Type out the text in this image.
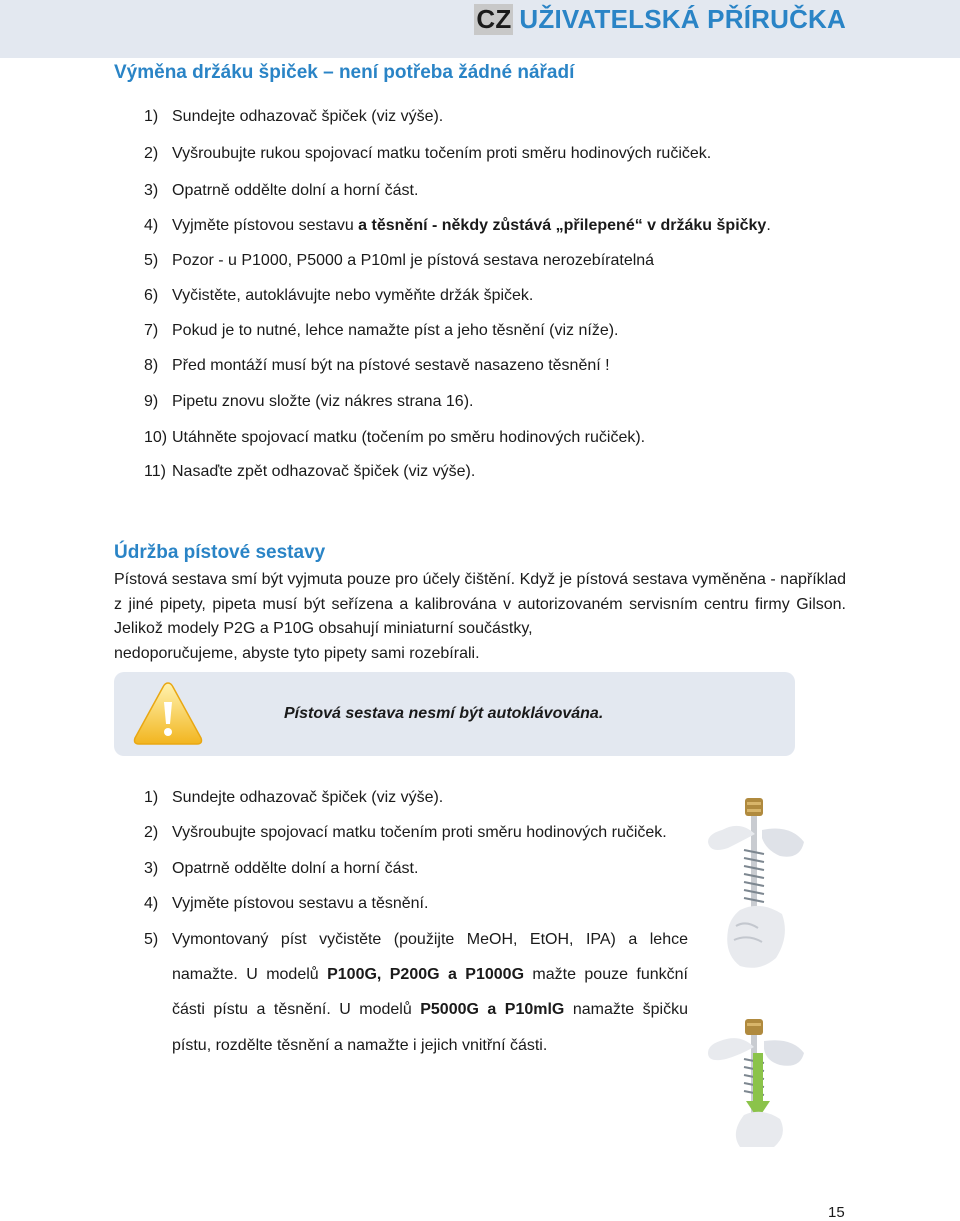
CZ UŽIVATELSKÁ PŘÍRUČKA
Výměna držáku špiček – není potřeba žádné nářadí
1) Sundejte odhazovač špiček (viz výše).
2) Vyšroubujte rukou spojovací matku točením proti směru hodinových ručiček.
3) Opatrně oddělte dolní a horní část.
4) Vyjměte pístovou sestavu a těsnění - někdy zůstává „přilepené“ v držáku špičky.
5) Pozor - u P1000, P5000 a P10ml je pístová sestava nerozebíratelná
6) Vyčistěte, autoklávujte nebo vyměňte držák špiček.
7) Pokud je to nutné, lehce namažte píst a jeho těsnění (viz níže).
8) Před montáží musí být na pístové sestavě nasazeno těsnění !
9) Pipetu znovu složte (viz nákres strana 16).
10) Utáhněte spojovací matku (točením po směru hodinových ručiček).
11) Nasaďte zpět odhazovač špiček (viz výše).
Údržba pístové sestavy
Pístová sestava smí být vyjmuta pouze pro účely čištění. Když je pístová sestava vyměněna - například z jiné pipety, pipeta musí být seřízena a kalibrována v autorizovaném servisním centru firmy Gilson. Jelikož modely P2G a P10G obsahují miniaturní součástky,
nedoporučujeme, abyste tyto pipety sami rozebírali.
Pístová sestava nesmí být autoklávována.
1) Sundejte odhazovač špiček (viz výše).
2) Vyšroubujte spojovací matku točením proti směru hodinových ručiček.
3) Opatrně oddělte dolní a horní část.
4) Vyjměte pístovou sestavu a těsnění.
5) Vymontovaný píst vyčistěte (použijte MeOH, EtOH, IPA) a lehce namažte. U modelů P100G, P200G a P1000G mažte pouze funkční části pístu a těsnění. U modelů P5000G a P10mlG namažte špičku pístu, rozdělte těsnění a namažte i jejich vnitřní části.
15
